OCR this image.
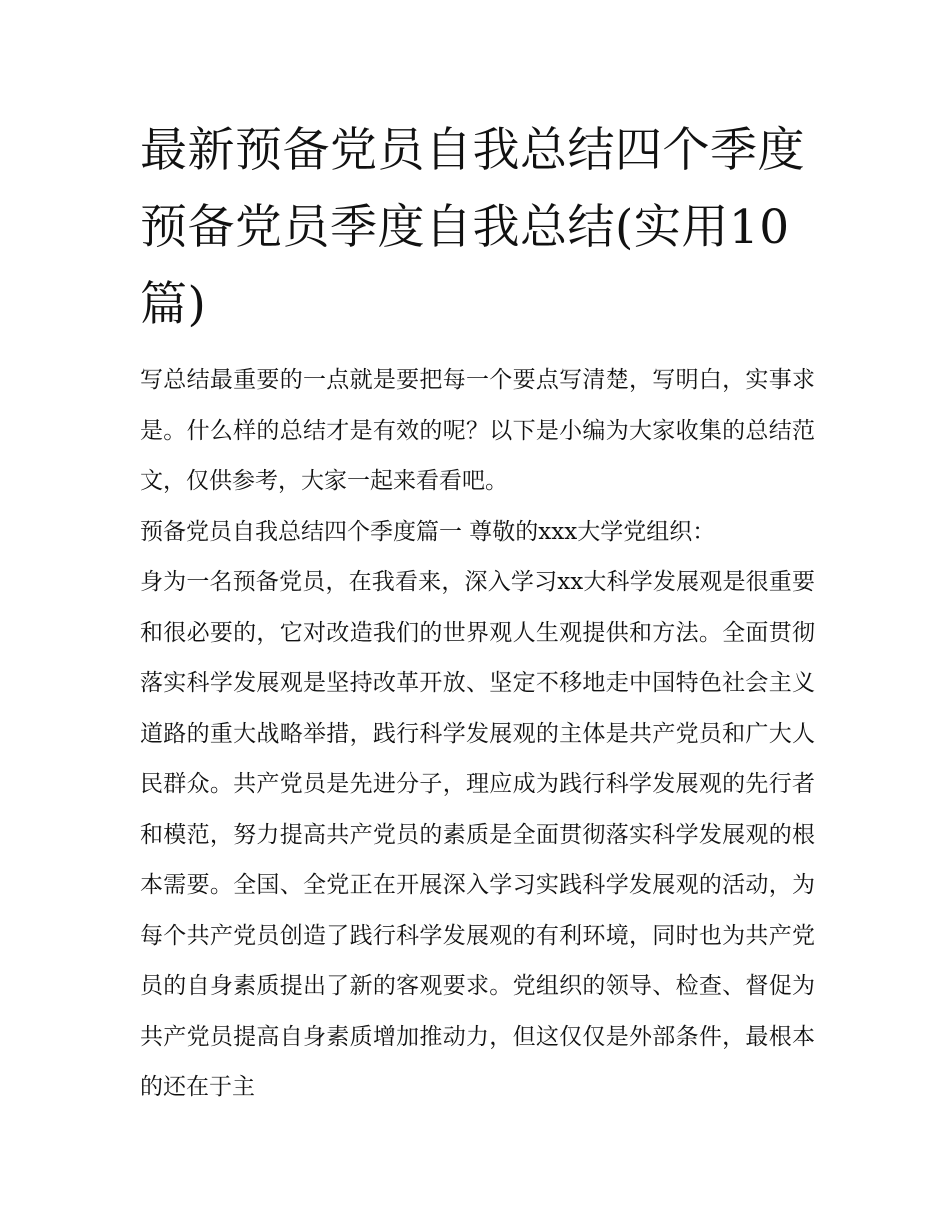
最新预备党员自我总结四个季度 预备党员季度自我总结(实用10篇)

写总结最重要的一点就是要把每一个要点写清楚，写明白，实事求是。什么样的总结才是有效的呢？以下是小编为大家收集的总结范文，仅供参考，大家一起来看看吧。

预备党员自我总结四个季度篇一 尊敬的xxx大学党组织：

身为一名预备党员，在我看来，深入学习xx大科学发展观是很重要和很必要的，它对改造我们的世界观人生观提供和方法。全面贯彻落实科学发展观是坚持改革开放、坚定不移地走中国特色社会主义道路的重大战略举措，践行科学发展观的主体是共产党员和广大人民群众。共产党员是先进分子，理应成为践行科学发展观的先行者和模范，努力提高共产党员的素质是全面贯彻落实科学发展观的根本需要。全国、全党正在开展深入学习实践科学发展观的活动，为每个共产党员创造了践行科学发展观的有利环境，同时也为共产党员的自身素质提出了新的客观要求。党组织的领导、检查、督促为共产党员提高自身素质增加推动力，但这仅仅是外部条件，最根本的还在于主
